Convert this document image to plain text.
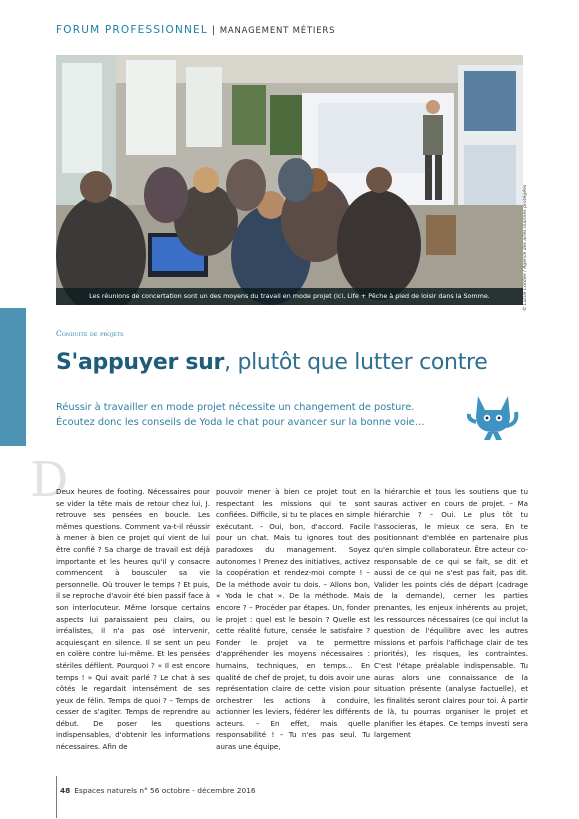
FORUM PROFESSIONNEL | MANAGEMENT MÉTIERS
Les réunions de concertation sont un des moyens du travail en mode projet (ici, Life + Pêche à pied de loisir dans la Somme.	© Lucile Cordier / Agence des aires marines protégées
Conduite de projets
S'appuyer sur, plutôt que lutter contre
Réussir à travailler en mode projet nécessite un changement de posture.
Écoutez donc les conseils de Yoda le chat pour avancer sur la bonne voie…
D

Deux heures de footing. Nécessaires pour se vider la tête mais de retour chez lui, J. retrouve ses pensées en boucle. Les mêmes questions. Comment va-t-il réussir à mener à bien ce projet qui vient de lui être confié ? Sa charge de travail est déjà importante et les heures qu'il y consacre commencent à bousculer sa vie personnelle. Où trouver le temps ? Et puis, il se reproche d'avoir été bien passif face à son interlocuteur. Même lorsque certains aspects lui paraissaient peu clairs, ou irréalistes, il n'a pas osé intervenir, acquiesçant en silence. Il se sent un peu en colère contre lui-même. Et les pensées stériles défilent. Pourquoi ? « Il est encore temps ! » Qui avait parlé ? Le chat à ses côtés le regardait intensément de ses yeux de félin. Temps de quoi ? – Temps de cesser de s'agiter. Temps de reprendre au début. De poser les questions indispensables, d'obtenir les informations nécessaires. Afin de

pouvoir mener à bien ce projet tout en respectant les missions qui te sont confiées. Difficile, si tu te places en simple exécutant. – Oui, bon, d'accord. Facile pour un chat. Mais tu ignores tout des paradoxes du management. Soyez autonomes ! Prenez des initiatives, activez la coopération et rendez-moi compte ! – De la méthode avoir tu dois. – Allons bon, « Yoda le chat ». De la méthode. Mais encore ? – Procéder par étapes. Un, fonder le projet : quel est le besoin ? Quelle est cette réalité future, censée le satisfaire ? Fonder le projet va te permettre d'appréhender les moyens nécessaires : humains, techniques, en temps… En qualité de chef de projet, tu dois avoir une représentation claire de cette vision pour orchestrer les actions à conduire, actionner les leviers, fédérer les différents acteurs. – En effet, mais quelle responsabilité ! – Tu n'es pas seul. Tu auras une équipe,

la hiérarchie et tous les soutiens que tu sauras activer en cours de projet. – Ma hiérarchie ? – Oui. Le plus tôt tu l'associeras, le mieux ce sera. En te positionnant d'emblée en partenaire plus qu'en simple collaborateur. Être acteur co-responsable de ce qui se fait, se dit et aussi de ce qui ne s'est pas fait, pas dit. Valider les points clés de départ (cadrage de la demande), cerner les parties prenantes, les enjeux inhérents au projet, les ressources nécessaires (ce qui inclut la question de l'équilibre avec les autres missions et parfois l'affichage clair de tes priorités), les risques, les contraintes. C'est l'étape préalable indispensable. Tu auras alors une connaissance de la situation présente (analyse factuelle), et les finalités seront claires pour toi. À partir de là, tu pourras organiser le projet et planifier les étapes. Ce temps investi sera largement

48 Espaces naturels n° 56 octobre - décembre 2016
